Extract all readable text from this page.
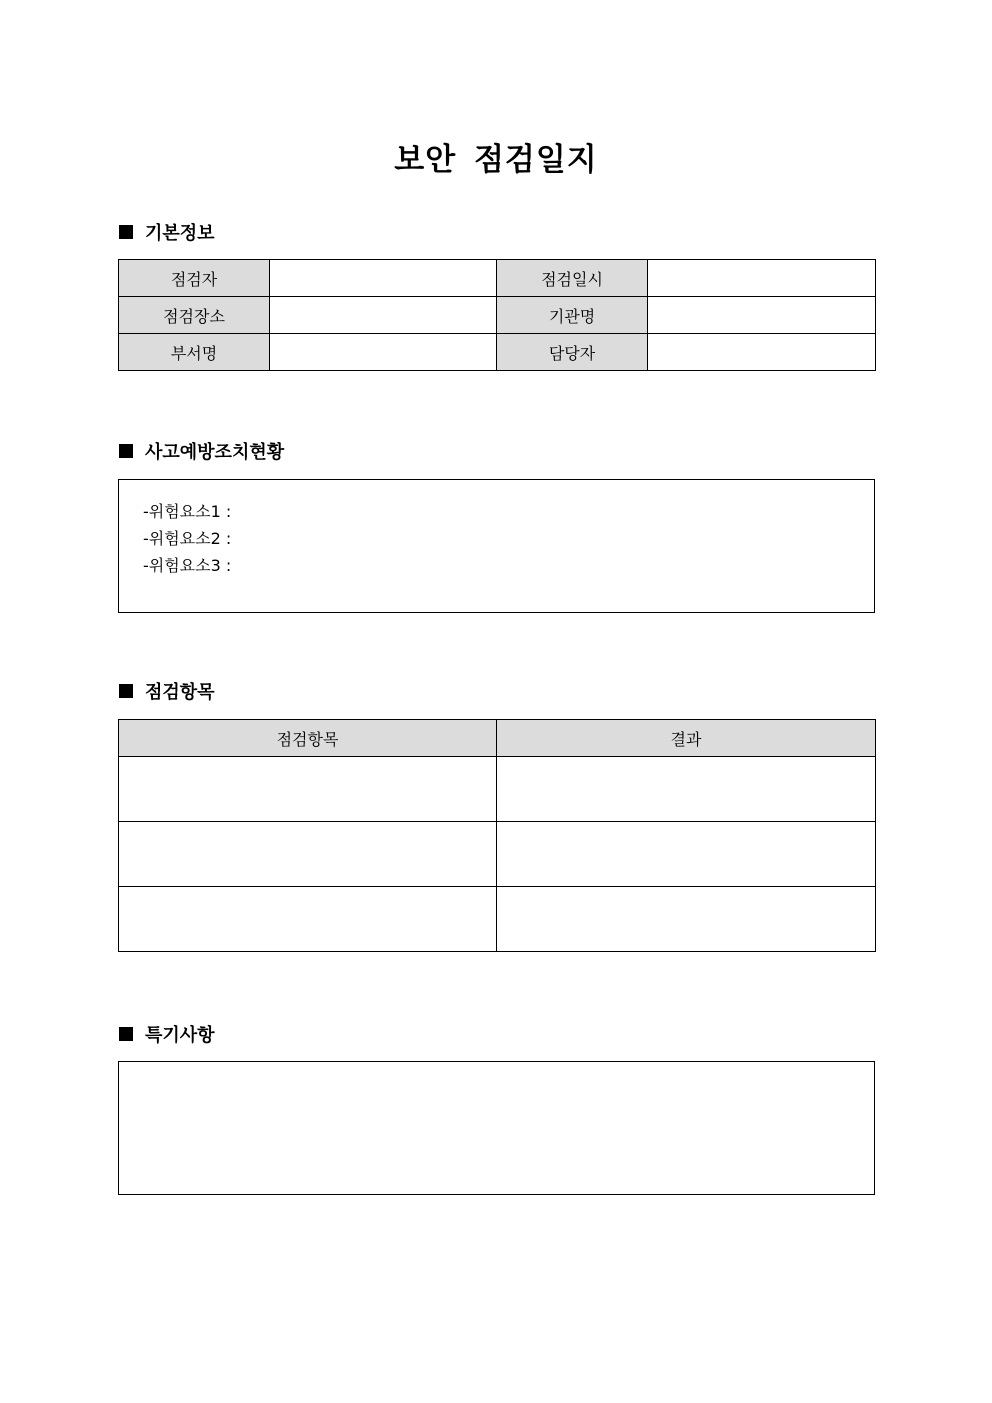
보안 점검일지
기본정보
점검자		점검일시	
점검장소		기관명	
부서명		담당자	
사고예방조치현황
-위험요소1 :
-위험요소2 :
-위험요소3 :
점검항목
점검항목	결과

특기사항
